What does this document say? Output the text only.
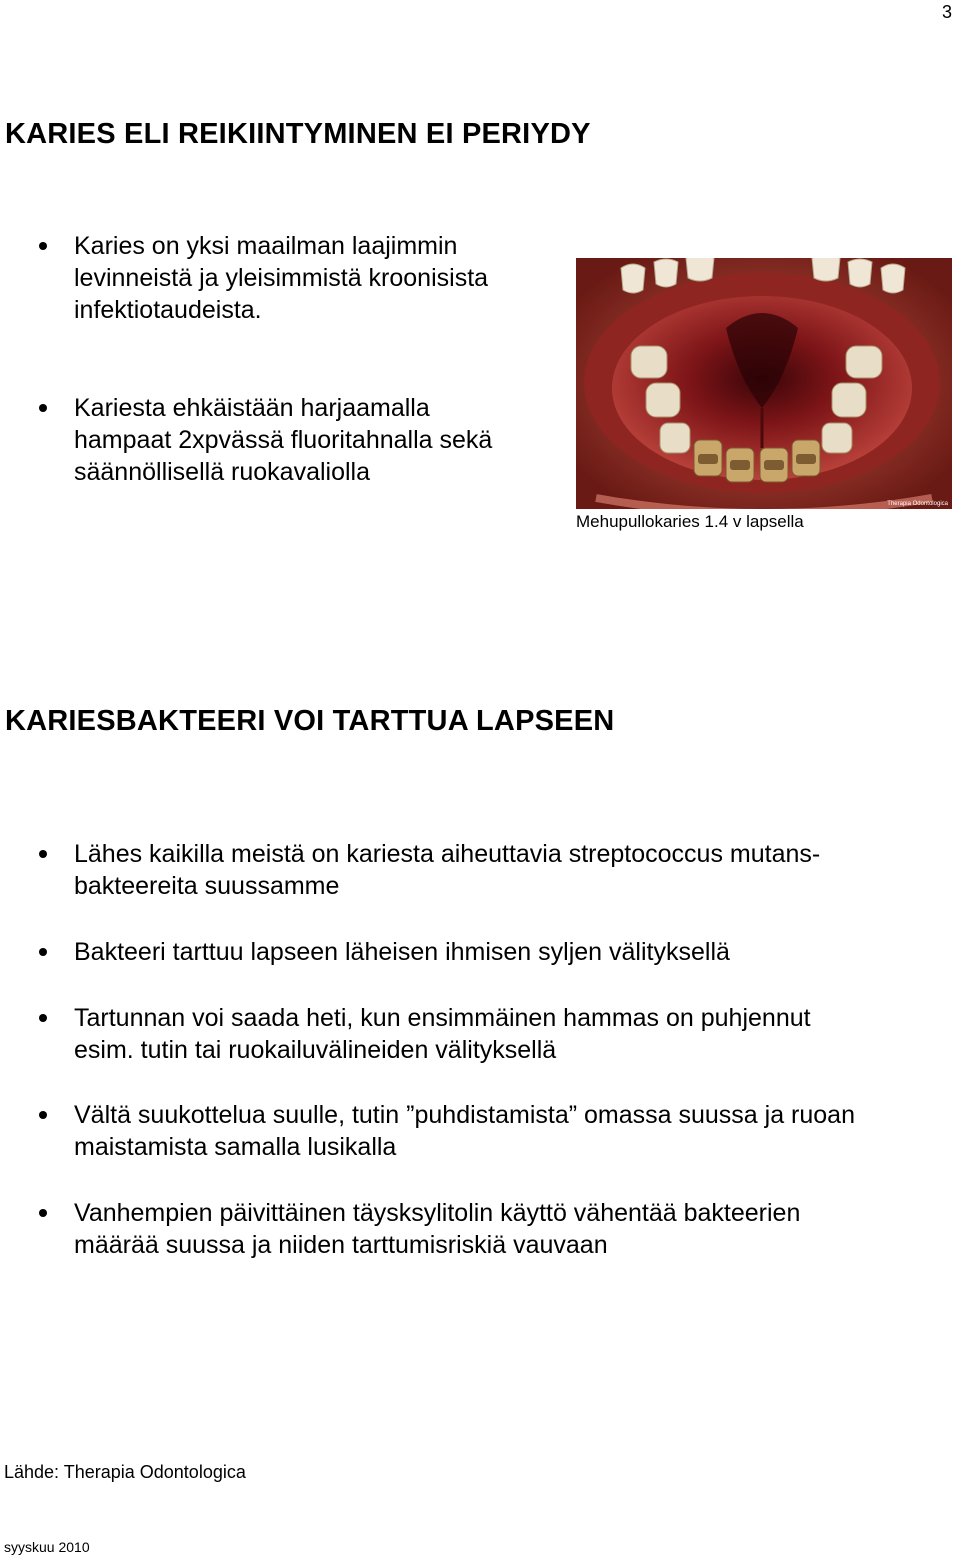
3
KARIES ELI REIKIINTYMINEN EI PERIYDY
Karies on yksi maailman laajimmin
levinneistä ja yleisimmistä kroonisista
infektiotaudeista.
Kariesta ehkäistään harjaamalla
hampaat 2xpvässä fluoritahnalla sekä
säännöllisellä ruokavaliolla
Therapia Odontologica
Mehupullokaries 1.4 v lapsella
KARIESBAKTEERI VOI TARTTUA LAPSEEN
Lähes kaikilla meistä on kariesta aiheuttavia streptococcus mutans-
bakteereita suussamme
Bakteeri tarttuu lapseen läheisen ihmisen syljen välityksellä
Tartunnan voi saada heti, kun ensimmäinen hammas on puhjennut
esim. tutin tai ruokailuvälineiden välityksellä
Vältä suukottelua suulle, tutin ”puhdistamista” omassa suussa ja ruoan
maistamista samalla lusikalla
Vanhempien päivittäinen täysksylitolin käyttö vähentää bakteerien
määrää suussa ja niiden tarttumisriskiä vauvaan
Lähde: Therapia Odontologica
syyskuu 2010
